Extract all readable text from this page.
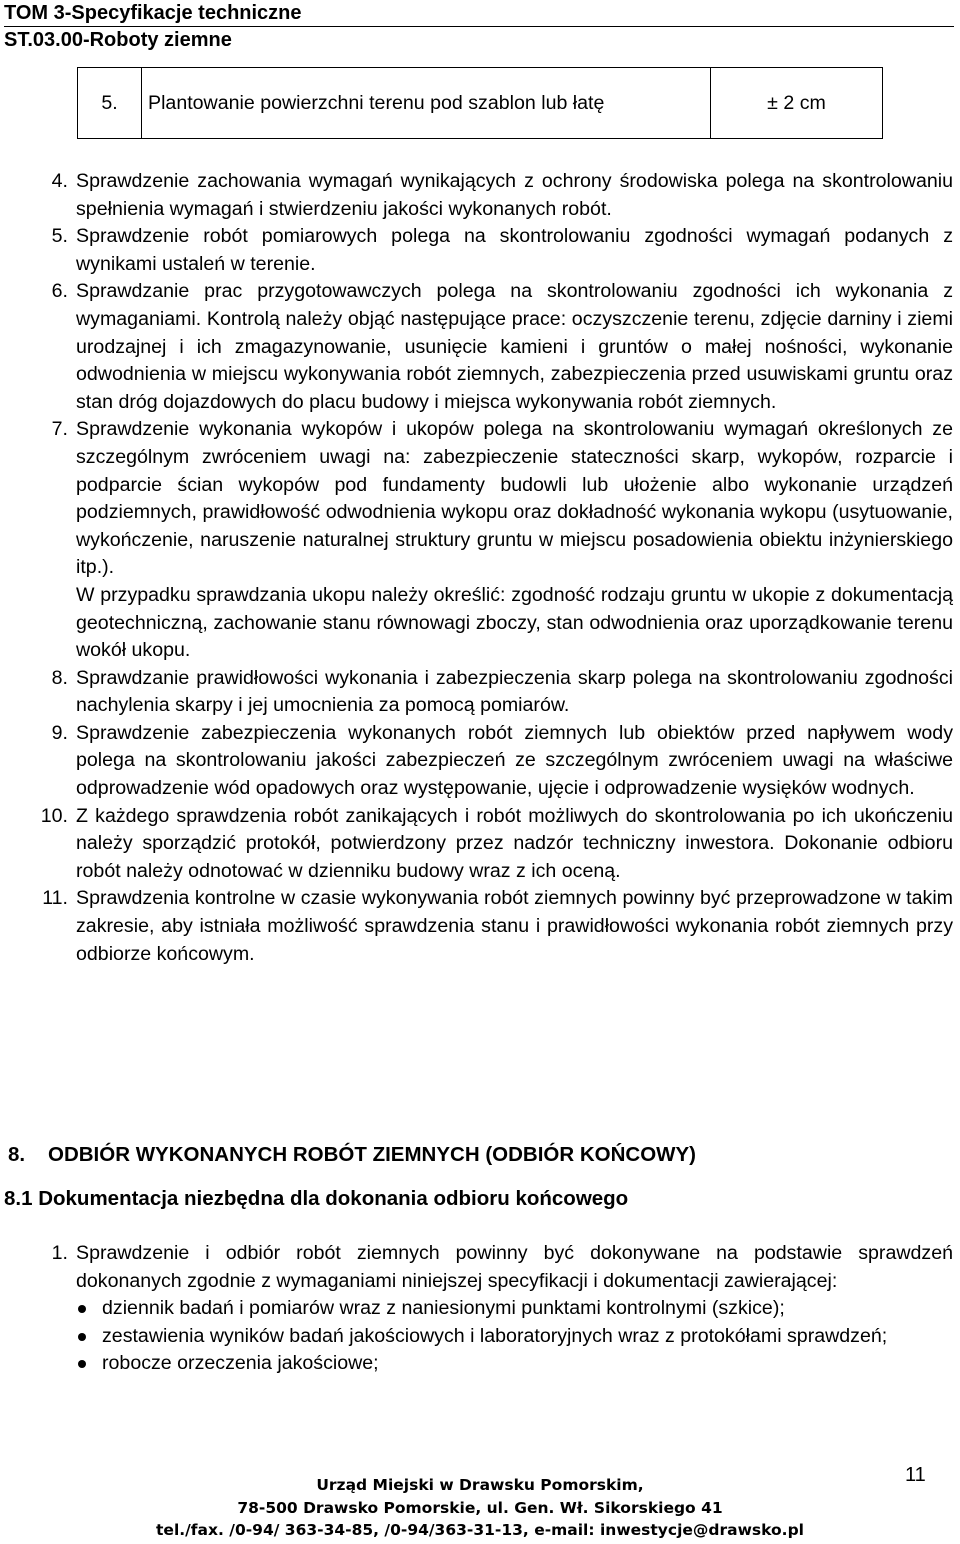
TOM 3-Specyfikacje techniczne
ST.03.00-Roboty ziemne
5.	Plantowanie powierzchni terenu pod szablon lub łatę	± 2 cm
4. Sprawdzenie zachowania wymagań wynikających z ochrony środowiska polega na skontrolowaniu spełnienia wymagań i stwierdzeniu jakości wykonanych robót.

5. Sprawdzenie robót pomiarowych polega na skontrolowaniu zgodności wymagań podanych z wynikami ustaleń w terenie.

6. Sprawdzanie prac przygotowawczych polega na skontrolowaniu zgodności ich wykonania z wymaganiami. Kontrolą należy objąć następujące prace: oczyszczenie terenu, zdjęcie darniny i ziemi urodzajnej i ich zmagazynowanie, usunięcie kamieni i gruntów o małej nośności, wykonanie odwodnienia w miejscu wykonywania robót ziemnych, zabezpieczenia przed usuwiskami gruntu oraz stan dróg dojazdowych do placu budowy i miejsca wykonywania robót ziemnych.

7. Sprawdzenie wykonania wykopów i ukopów polega na skontrolowaniu wymagań określonych ze szczególnym zwróceniem uwagi na: zabezpieczenie stateczności skarp, wykopów, rozparcie i podparcie ścian wykopów pod fundamenty budowli lub ułożenie albo wykonanie urządzeń podziemnych, prawidłowość odwodnienia wykopu oraz dokładność wykonania wykopu (usytuowanie, wykończenie, naruszenie naturalnej struktury gruntu w miejscu posadowienia obiektu inżynierskiego itp.).

W przypadku sprawdzania ukopu należy określić: zgodność rodzaju gruntu w ukopie z dokumentacją geotechniczną, zachowanie stanu równowagi zboczy, stan odwodnienia oraz uporządkowanie terenu wokół ukopu.

8. Sprawdzanie prawidłowości wykonania i zabezpieczenia skarp polega na skontrolowaniu zgodności nachylenia skarpy i jej umocnienia za pomocą pomiarów.

9. Sprawdzenie zabezpieczenia wykonanych robót ziemnych lub obiektów przed napływem wody polega na skontrolowaniu jakości zabezpieczeń ze szczególnym zwróceniem uwagi na właściwe odprowadzenie wód opadowych oraz występowanie, ujęcie i odprowadzenie wysięków wodnych.

10. Z każdego sprawdzenia robót zanikających i robót możliwych do skontrolowania po ich ukończeniu należy sporządzić protokół, potwierdzony przez nadzór techniczny inwestora. Dokonanie odbioru robót należy odnotować w dzienniku budowy wraz z ich oceną.

11. Sprawdzenia kontrolne w czasie wykonywania robót ziemnych powinny być przeprowadzone w takim zakresie, aby istniała możliwość sprawdzenia stanu i prawidłowości wykonania robót ziemnych przy odbiorze końcowym.

8. ODBIÓR WYKONANYCH ROBÓT ZIEMNYCH (ODBIÓR KOŃCOWY)
8.1 Dokumentacja niezbędna dla dokonania odbioru końcowego
1. Sprawdzenie i odbiór robót ziemnych powinny być dokonywane na podstawie sprawdzeń dokonanych zgodnie z wymaganiami niniejszej specyfikacji i dokumentacji zawierającej:

dziennik badań i pomiarów wraz z naniesionymi punktami kontrolnymi (szkice);
zestawienia wyników badań jakościowych i laboratoryjnych wraz z protokółami sprawdzeń;
robocze orzeczenia jakościowe;
Urząd Miejski w Drawsku Pomorskim,
78-500 Drawsko Pomorskie, ul. Gen. Wł. Sikorskiego 41
tel./fax. /0-94/ 363-34-85, /0-94/363-31-13, e-mail: inwestycje@drawsko.pl
11
